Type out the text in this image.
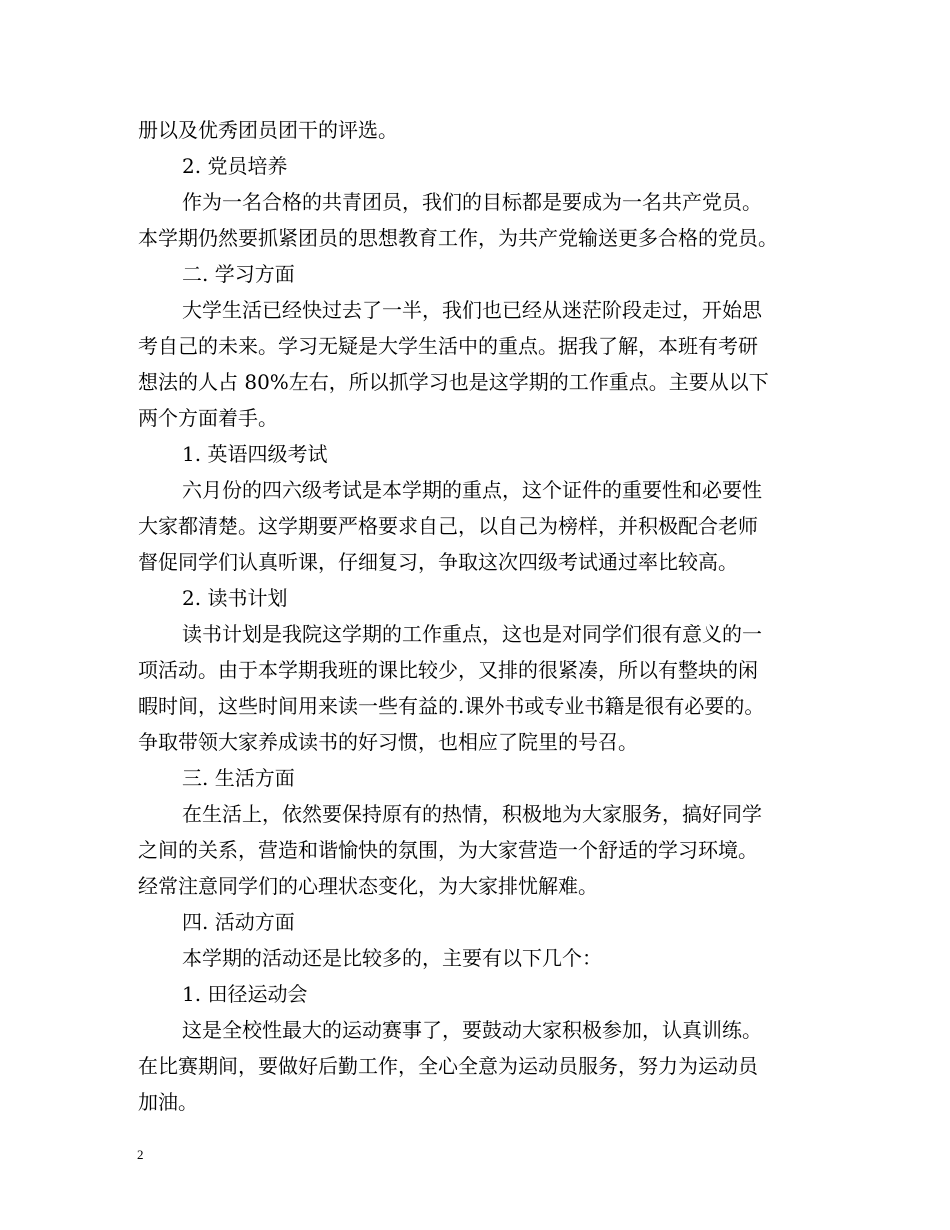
册以及优秀团员团干的评选。
2. 党员培养
作为一名合格的共青团员，我们的目标都是要成为一名共产党员。
本学期仍然要抓紧团员的思想教育工作，为共产党输送更多合格的党员。
二. 学习方面
大学生活已经快过去了一半，我们也已经从迷茫阶段走过，开始思
考自己的未来。学习无疑是大学生活中的重点。据我了解，本班有考研
想法的人占 80%左右，所以抓学习也是这学期的工作重点。主要从以下
两个方面着手。
1. 英语四级考试
六月份的四六级考试是本学期的重点，这个证件的重要性和必要性
大家都清楚。这学期要严格要求自己，以自己为榜样，并积极配合老师
督促同学们认真听课，仔细复习，争取这次四级考试通过率比较高。
2. 读书计划
读书计划是我院这学期的工作重点，这也是对同学们很有意义的一
项活动。由于本学期我班的课比较少，又排的很紧凑，所以有整块的闲
暇时间，这些时间用来读一些有益的.课外书或专业书籍是很有必要的。
争取带领大家养成读书的好习惯，也相应了院里的号召。
三. 生活方面
在生活上，依然要保持原有的热情，积极地为大家服务，搞好同学
之间的关系，营造和谐愉快的氛围，为大家营造一个舒适的学习环境。
经常注意同学们的心理状态变化，为大家排忧解难。
四. 活动方面
本学期的活动还是比较多的，主要有以下几个：
1. 田径运动会
这是全校性最大的运动赛事了，要鼓动大家积极参加，认真训练。
在比赛期间，要做好后勤工作，全心全意为运动员服务，努力为运动员
加油。
2
